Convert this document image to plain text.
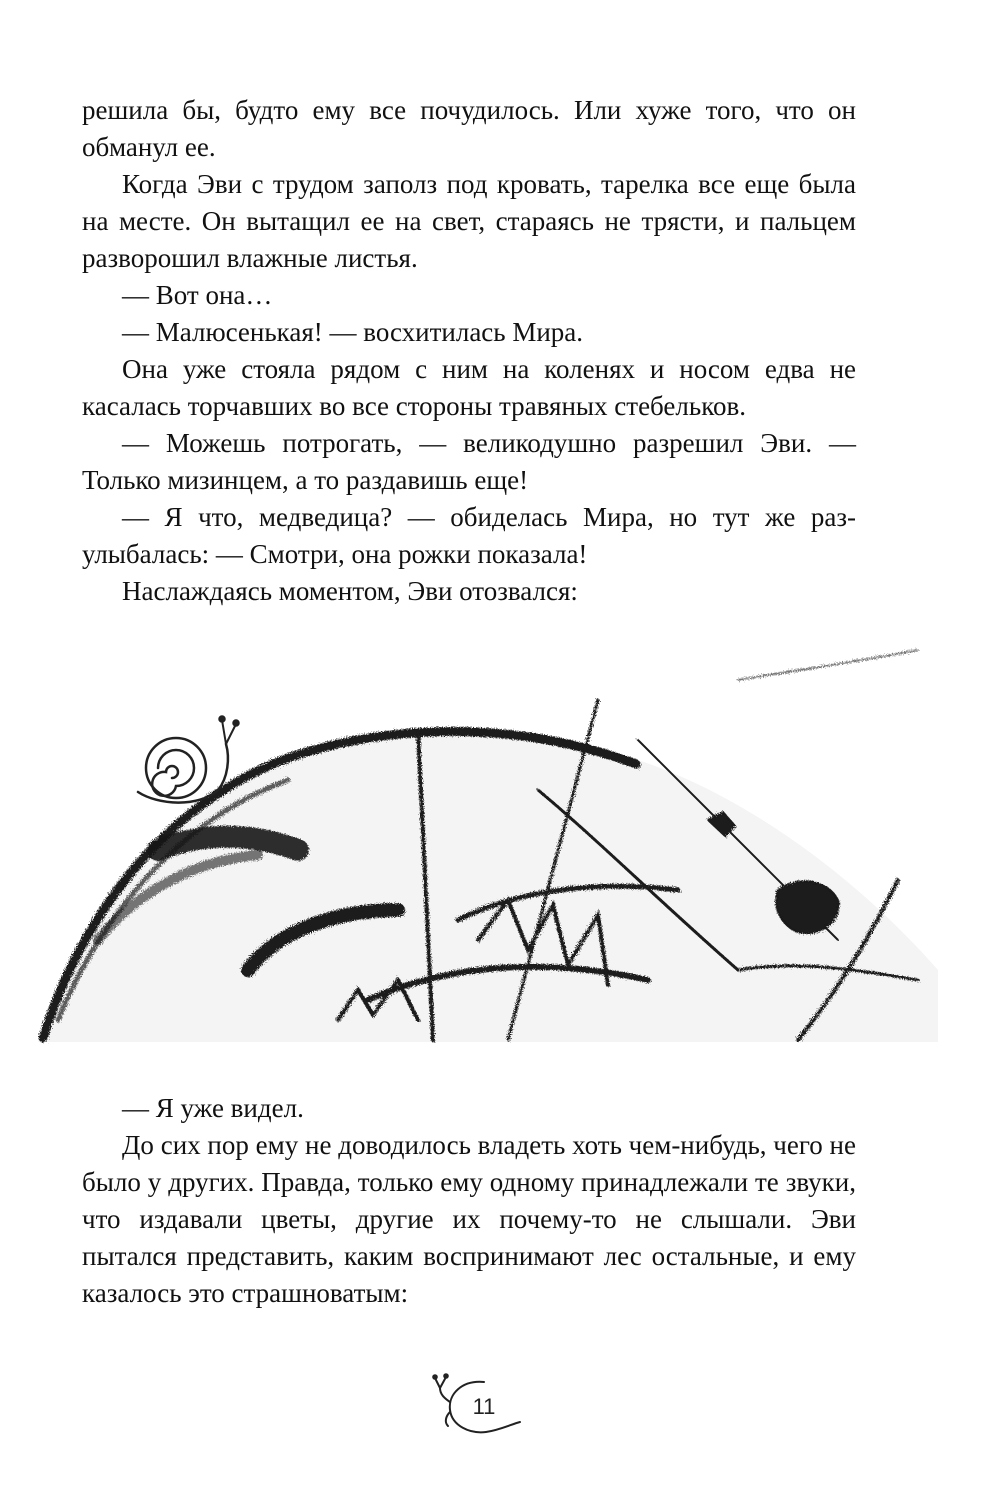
решила бы, будто ему все почудилось. Или хуже того, что он обманул ее.

Когда Эви с трудом заполз под кровать, тарелка все еще была на месте. Он вытащил ее на свет, стараясь не трясти, и пальцем разворошил влажные листья.

— Вот она…

— Малюсенькая! — восхитилась Мира.

Она уже стояла рядом с ним на коленях и носом едва не касалась торчавших во все стороны травяных стебельков.

— Можешь потрогать, — великодушно разрешил Эви. — Только мизинцем, а то раздавишь еще!

— Я что, медведица? — обиделась Мира, но тут же разулыбалась: — Смотри, она рожки показала!

Наслаждаясь моментом, Эви отозвался:

— Я уже видел.

До сих пор ему не доводилось владеть хоть чем-нибудь, чего не было у других. Правда, только ему одному принадлежали те звуки, что издавали цветы, другие их почему-то не слышали. Эви пытался представить, каким воспринимают лес остальные, и ему казалось это страшноватым:

11
